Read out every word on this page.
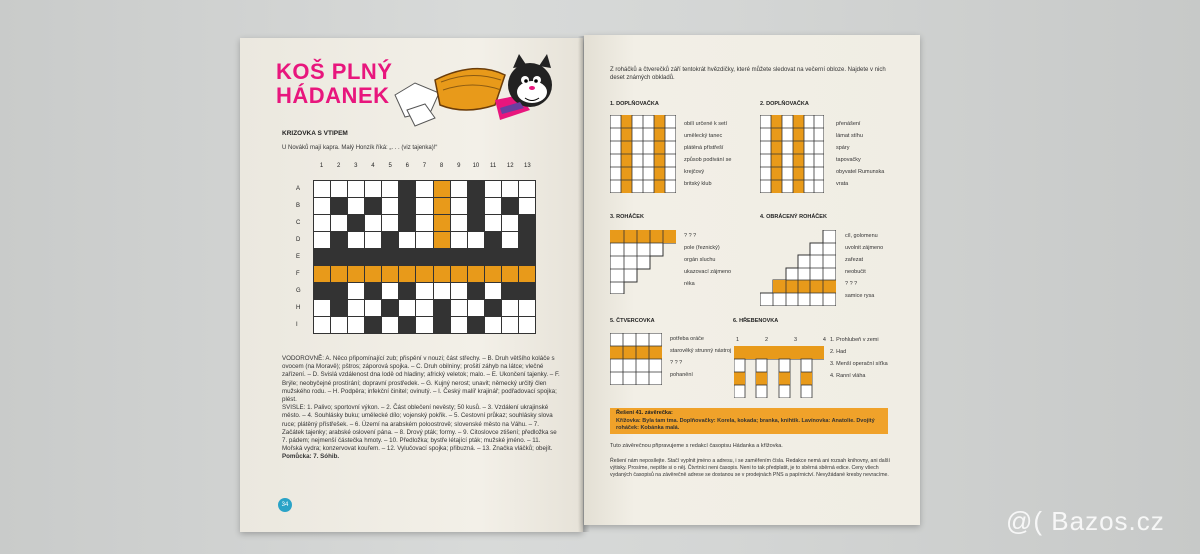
KOŠ PLNÝ
HÁDANEK
KRIZOVKA S VTIPEM
U Nováků mají kapra. Malý Honzík říká: „. . . (viz tajenka)!“
1	2	3	4	5	6	7	8	9	10	11	12	13
A
B
C
D
E
F
G
H
I
VODOROVNĚ: A. Něco připomínající zub; přispění v nouzi; část střechy. – B. Druh většího koláče s ovocem (na Moravě); pštros; záporová spojka. – C. Druh obilniny; prošití záhyb na látce; vlečné zařízení. – D. Svislá vzdálenost dna lodě od hladiny; africký veletok; malo. – E. Ukončení tajenky. – F. Brýle; neobyčejné prostírání; dopravní prostředek. – G. Kujný nerost; unavit; německý určitý člen mužského rodu. – H. Podpěra; infekční činitel; ovinutý. – I. Český malíř krajinář; podřadovací spojka; plést.
SVISLE: 1. Palivo; sportovní výkon. – 2. Část oblečení nevěsty; 50 kusů. – 3. Vzdálení ukrajinské město. – 4. Souhlásky buku; umělecké dílo; vojenský pokřik. – 5. Cestovní průkaz; souhlásky slova ruce; plátěný přístřešek. – 6. Území na arabském poloostrově; slovenské město na Váhu. – 7. Začátek tajenky; arabské oslovení pána. – 8. Drový pták; formy. – 9. Citoslovce ztišení; předložka se 7. pádem; nejmenší částečka hmoty. – 10. Předložka; bystře létající pták; mužské jméno. – 11. Mořská vydra; konzervovat kouřem. – 12. Vylučovací spojka; přibuzná. – 13. Značka vláčků; obejít.
Pomůcka: 7. Sóhib.
34
Z roháčků a čtverečků září tentokrát hvězdičky, které můžete sledovat na večerní obloze. Najdete v nich deset známých obkladů.
1. DOPLŇOVAČKA
obilí určené k setí
umělecký tanec
plátěná přístřeší
způsob podivání se
krejčový
britský klub
2. DOPLŇOVAČKA
přenášení
lámat stíhu
spáry
tapovačky
obyvatel Rumunska
vrata
3. ROHÁČEK
? ? ?
pole (řeznický)
orgán sluchu
ukazovací zájmeno
réka
4. OBRÁCENÝ ROHÁČEK
cíl, golomenu
uvolnit zájmeno
zařezat
neobučit
? ? ?
samice rysa
5. ČTVERCOVKA
potřeba oráče
starověký strunný nástroj
? ? ?
pohanění
6. HŘEBENOVKA
1	2	3	4 1. Prohlubeň v zemi
2. Had
3. Menší operační síťka
4. Ranní vláha
Řešení 41. závěrečka:
Křížovka: Byla tam tma. Doplňovačky: Korela, kokada; branka, knihtik. Lavínovka: Anatolie. Dvojitý roháček: Kobánka malá.
Tuto závěrečnou připravujeme s redakcí časopisu Hádanka a křížovka.
Řešení nám neposílejte. Stačí vyplnit jméno a adresu, i se zaměřením čísla. Redakce nemá ani rozsah knihovny, ani další výtisky. Prosíme, nepište si o něj. Čtvrtníci neni časopis. Neni to tak předplatit, je to sběrná sběrná edice. Ceny všech vydaných časopisů na závěrečně adrese se dostanou se v prodejnách PNS a papírnictví. Nevyžádané kresby nevracíme.
@( Bazos.cz
